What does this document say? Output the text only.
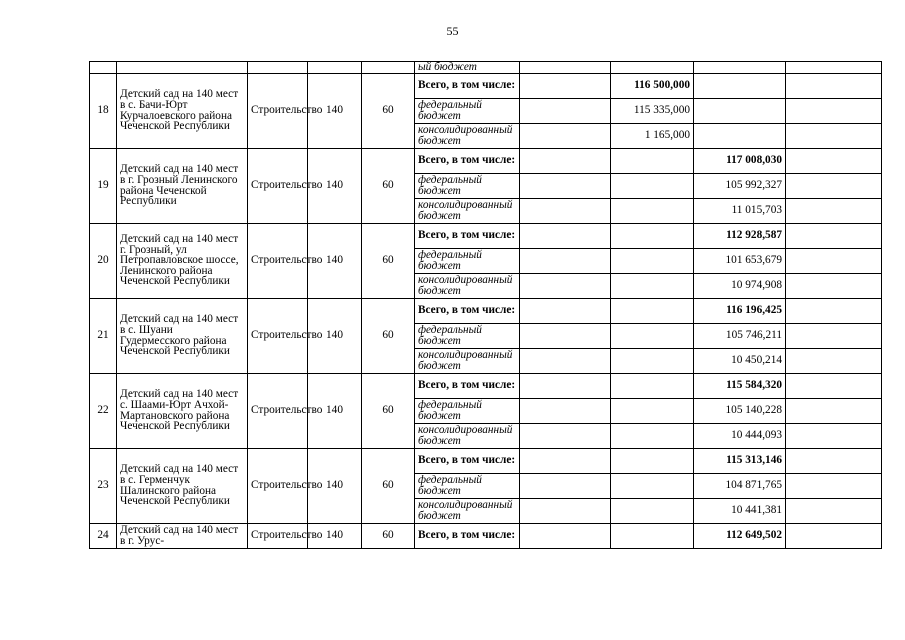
55
					ый бюджет				
18	Детский сад на 140 мест в с. Бачи-Юрт Курчалоевского района Чеченской Республики	Строительство	140	60	Всего, в том числе:		116 500,000		
					федеральный бюджет		115 335,000		
					консолидированный бюджет		1 165,000		
19	Детский сад на 140 мест в г. Грозный Ленинского района Чеченской Республики	Строительство	140	60	Всего, в том числе:			117 008,030	
					федеральный бюджет			105 992,327	
					консолидированный бюджет			11 015,703	
20	Детский сад на 140 мест г. Грозный, ул Петропавловское шоссе, Ленинского района Чеченской Республики	Строительство	140	60	Всего, в том числе:			112 928,587	
					федеральный бюджет			101 653,679	
					консолидированный бюджет			10 974,908	
21	Детский сад на 140 мест в с. Шуани Гудермесского района Чеченской Республики	Строительство	140	60	Всего, в том числе:			116 196,425	
					федеральный бюджет			105 746,211	
					консолидированный бюджет			10 450,214	
22	Детский сад на 140 мест с. Шаами-Юрт Ачхой-Мартановского района Чеченской Республики	Строительство	140	60	Всего, в том числе:			115 584,320	
					федеральный бюджет			105 140,228	
					консолидированный бюджет			10 444,093	
23	Детский сад на 140 мест в с. Герменчук Шалинского района Чеченской Республики	Строительство	140	60	Всего, в том числе:			115 313,146	
					федеральный бюджет			104 871,765	
					консолидированный бюджет			10 441,381	
24	Детский сад на 140 мест в г. Урус-	Строительство	140	60	Всего, в том числе:			112 649,502	
